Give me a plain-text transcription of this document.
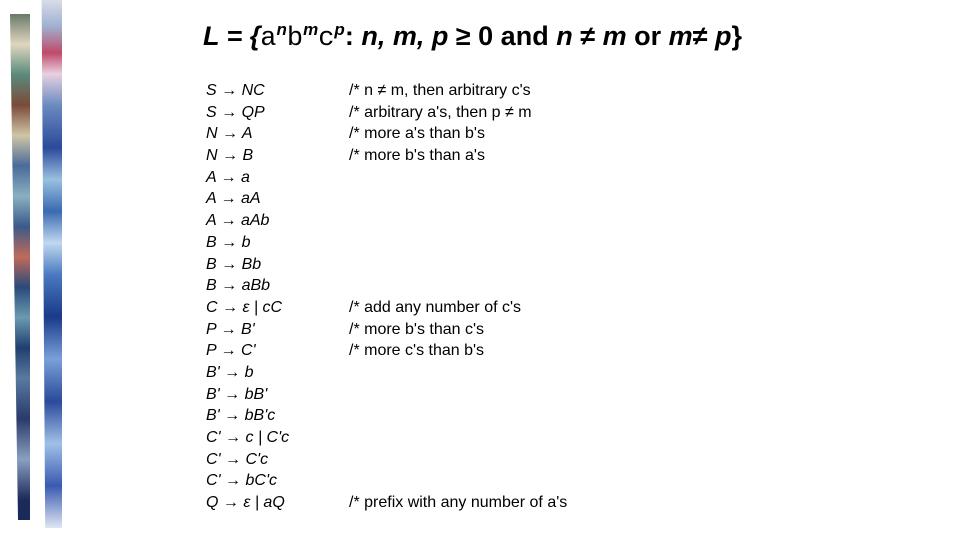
$L = \{a^nb^mc^p$: n, m, p ≥ 0 and n ≠ m or m≠ p}
S → NC
S → QP
N → A
N → B
A → a
A → aA
A → aAb
B → b
B → Bb
B → aBb
C → ε | cC
P → B'
P → C'
B' → b
B' → bB'
B' → bB'c
C' → c | C'c
C' → C'c
C' → bC'c
Q → ε | aQ
/* n ≠ m, then arbitrary c's
/* arbitrary a's, then p ≠ m
/* more a's than b's
/* more b's than a's
/* add any number of c's
/* more b's than c's
/* more c's than b's
/* prefix with any number of a's
